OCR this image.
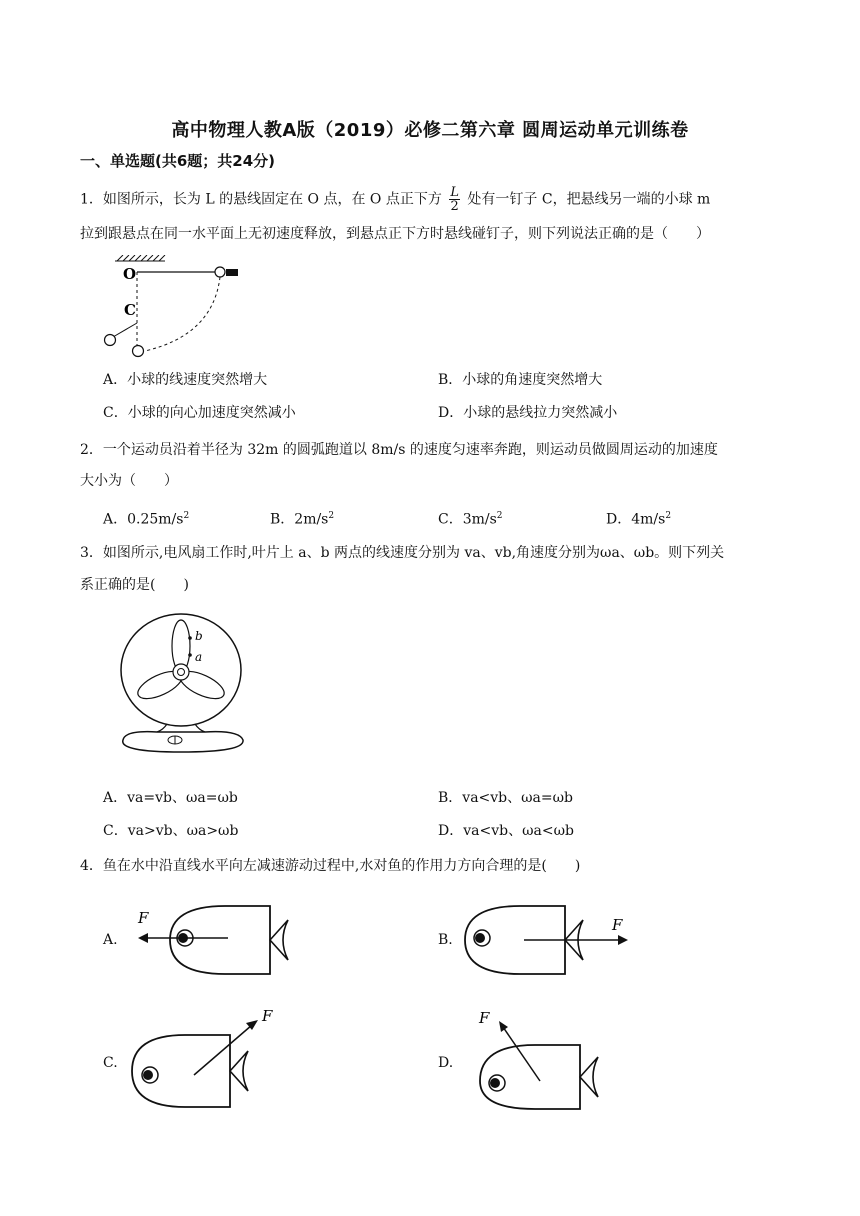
高中物理人教A版（2019）必修二第六章 圆周运动单元训练卷
一、单选题(共6题；共24分)
1．如图所示，长为 L 的悬线固定在 O 点，在 O 点正下方 $\frac{L}{2}$ 处有一钉子 C，把悬线另一端的小球 m
拉到跟悬点在同一水平面上无初速度释放，到悬点正下方时悬线碰钉子，则下列说法正确的是（　　）
O
C
A．小球的线速度突然增大	B．小球的角速度突然增大
C．小球的向心加速度突然减小	D．小球的悬线拉力突然减小
2．一个运动员沿着半径为 32m 的圆弧跑道以 8m/s 的速度匀速率奔跑，则运动员做圆周运动的加速度
大小为（　　）
A．$0.25m/s^2$	B．$2m/s^2$	C．$3m/s^2$	D．$4m/s^2$
3．如图所示,电风扇工作时,叶片上 a、b 两点的线速度分别为 va、vb,角速度分别为ωa、ωb。则下列关
系正确的是(　　)
b
a
A．va=vb、ωa=ωb	B．va<vb、ωa=ωb
C．va>vb、ωa>ωb	D．va<vb、ωa<ωb
4．鱼在水中沿直线水平向左减速游动过程中,水对鱼的作用力方向合理的是(　　)
A.
F
B.
F
C.
F
D.
F
